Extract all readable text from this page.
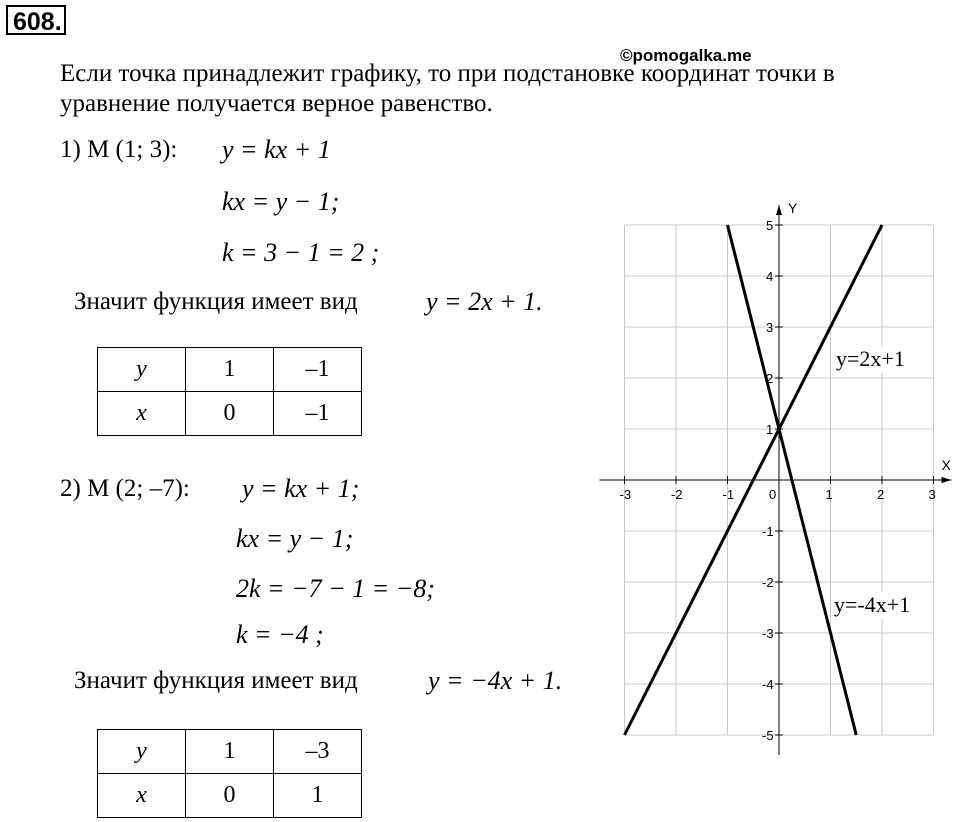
608.
©pomogalka.me
Если точка принадлежит графику, то при подстановке координат точки в
уравнение получается верное равенство.
1) М (1; 3): y = kx + 1
kx = y − 1;
k = 3 − 1 = 2 ;
Значит функция имеет вид	y = 2x + 1.
y	1	–1
x	0	–1
2) М (2; –7): y = kx + 1;
kx = y − 1;
2k = −7 − 1 = −8;
k = −4 ;
Значит функция имеет вид	y = −4x + 1.
y	1	–3
x	0	1
X
Y
-3	-2	-1	0	1	2	3
5
4
3
2
1
-1
-2
-3
-4
-5
y=2x+1
y=-4x+1
